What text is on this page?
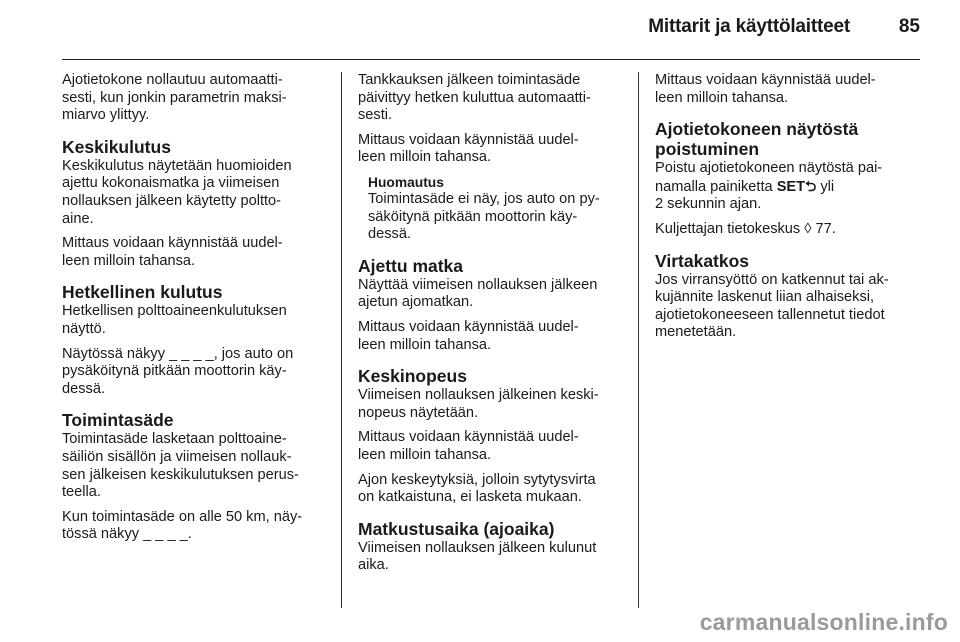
Mittarit ja käyttölaitteet	85

Ajotietokone nollautuu automaatti-
sesti, kun jonkin parametrin maksi-
miarvo ylittyy.

Keskikulutus

Keskikulutus näytetään huomioiden
ajettu kokonaismatka ja viimeisen
nollauksen jälkeen käytetty poltto-
aine.

Mittaus voidaan käynnistää uudel-
leen milloin tahansa.

Hetkellinen kulutus

Hetkellisen polttoaineenkulutuksen
näyttö.

Näytössä näkyy _ _ _ _, jos auto on
pysäköitynä pitkään moottorin käy-
dessä.

Toimintasäde

Toimintasäde lasketaan polttoaine-
säiliön sisällön ja viimeisen nollauk-
sen jälkeisen keskikulutuksen perus-
teella.

Kun toimintasäde on alle 50 km, näy-
tössä näkyy _ _ _ _.

Tankkauksen jälkeen toimintasäde
päivittyy hetken kuluttua automaatti-
sesti.

Mittaus voidaan käynnistää uudel-
leen milloin tahansa.

Huomautus
Toimintasäde ei näy, jos auto on py-
säköitynä pitkään moottorin käy-
dessä.
Ajettu matka

Näyttää viimeisen nollauksen jälkeen
ajetun ajomatkan.

Mittaus voidaan käynnistää uudel-
leen milloin tahansa.

Keskinopeus

Viimeisen nollauksen jälkeinen keski-
nopeus näytetään.

Mittaus voidaan käynnistää uudel-
leen milloin tahansa.

Ajon keskeytyksiä, jolloin sytytysvirta
on katkaistuna, ei lasketa mukaan.

Matkustusaika (ajoaika)

Viimeisen nollauksen jälkeen kulunut
aika.

Mittaus voidaan käynnistää uudel-
leen milloin tahansa.

Ajotietokoneen näytöstä
poistuminen

Poistu ajotietokoneen näytöstä pai-
namalla painiketta SET⮌ yli
2 sekunnin ajan.

Kuljettajan tietokeskus ◊ 77.

Virtakatkos

Jos virransyöttö on katkennut tai ak-
kujännite laskenut liian alhaiseksi,
ajotietokoneeseen tallennetut tiedot
menetetään.

carmanualsonline.info
